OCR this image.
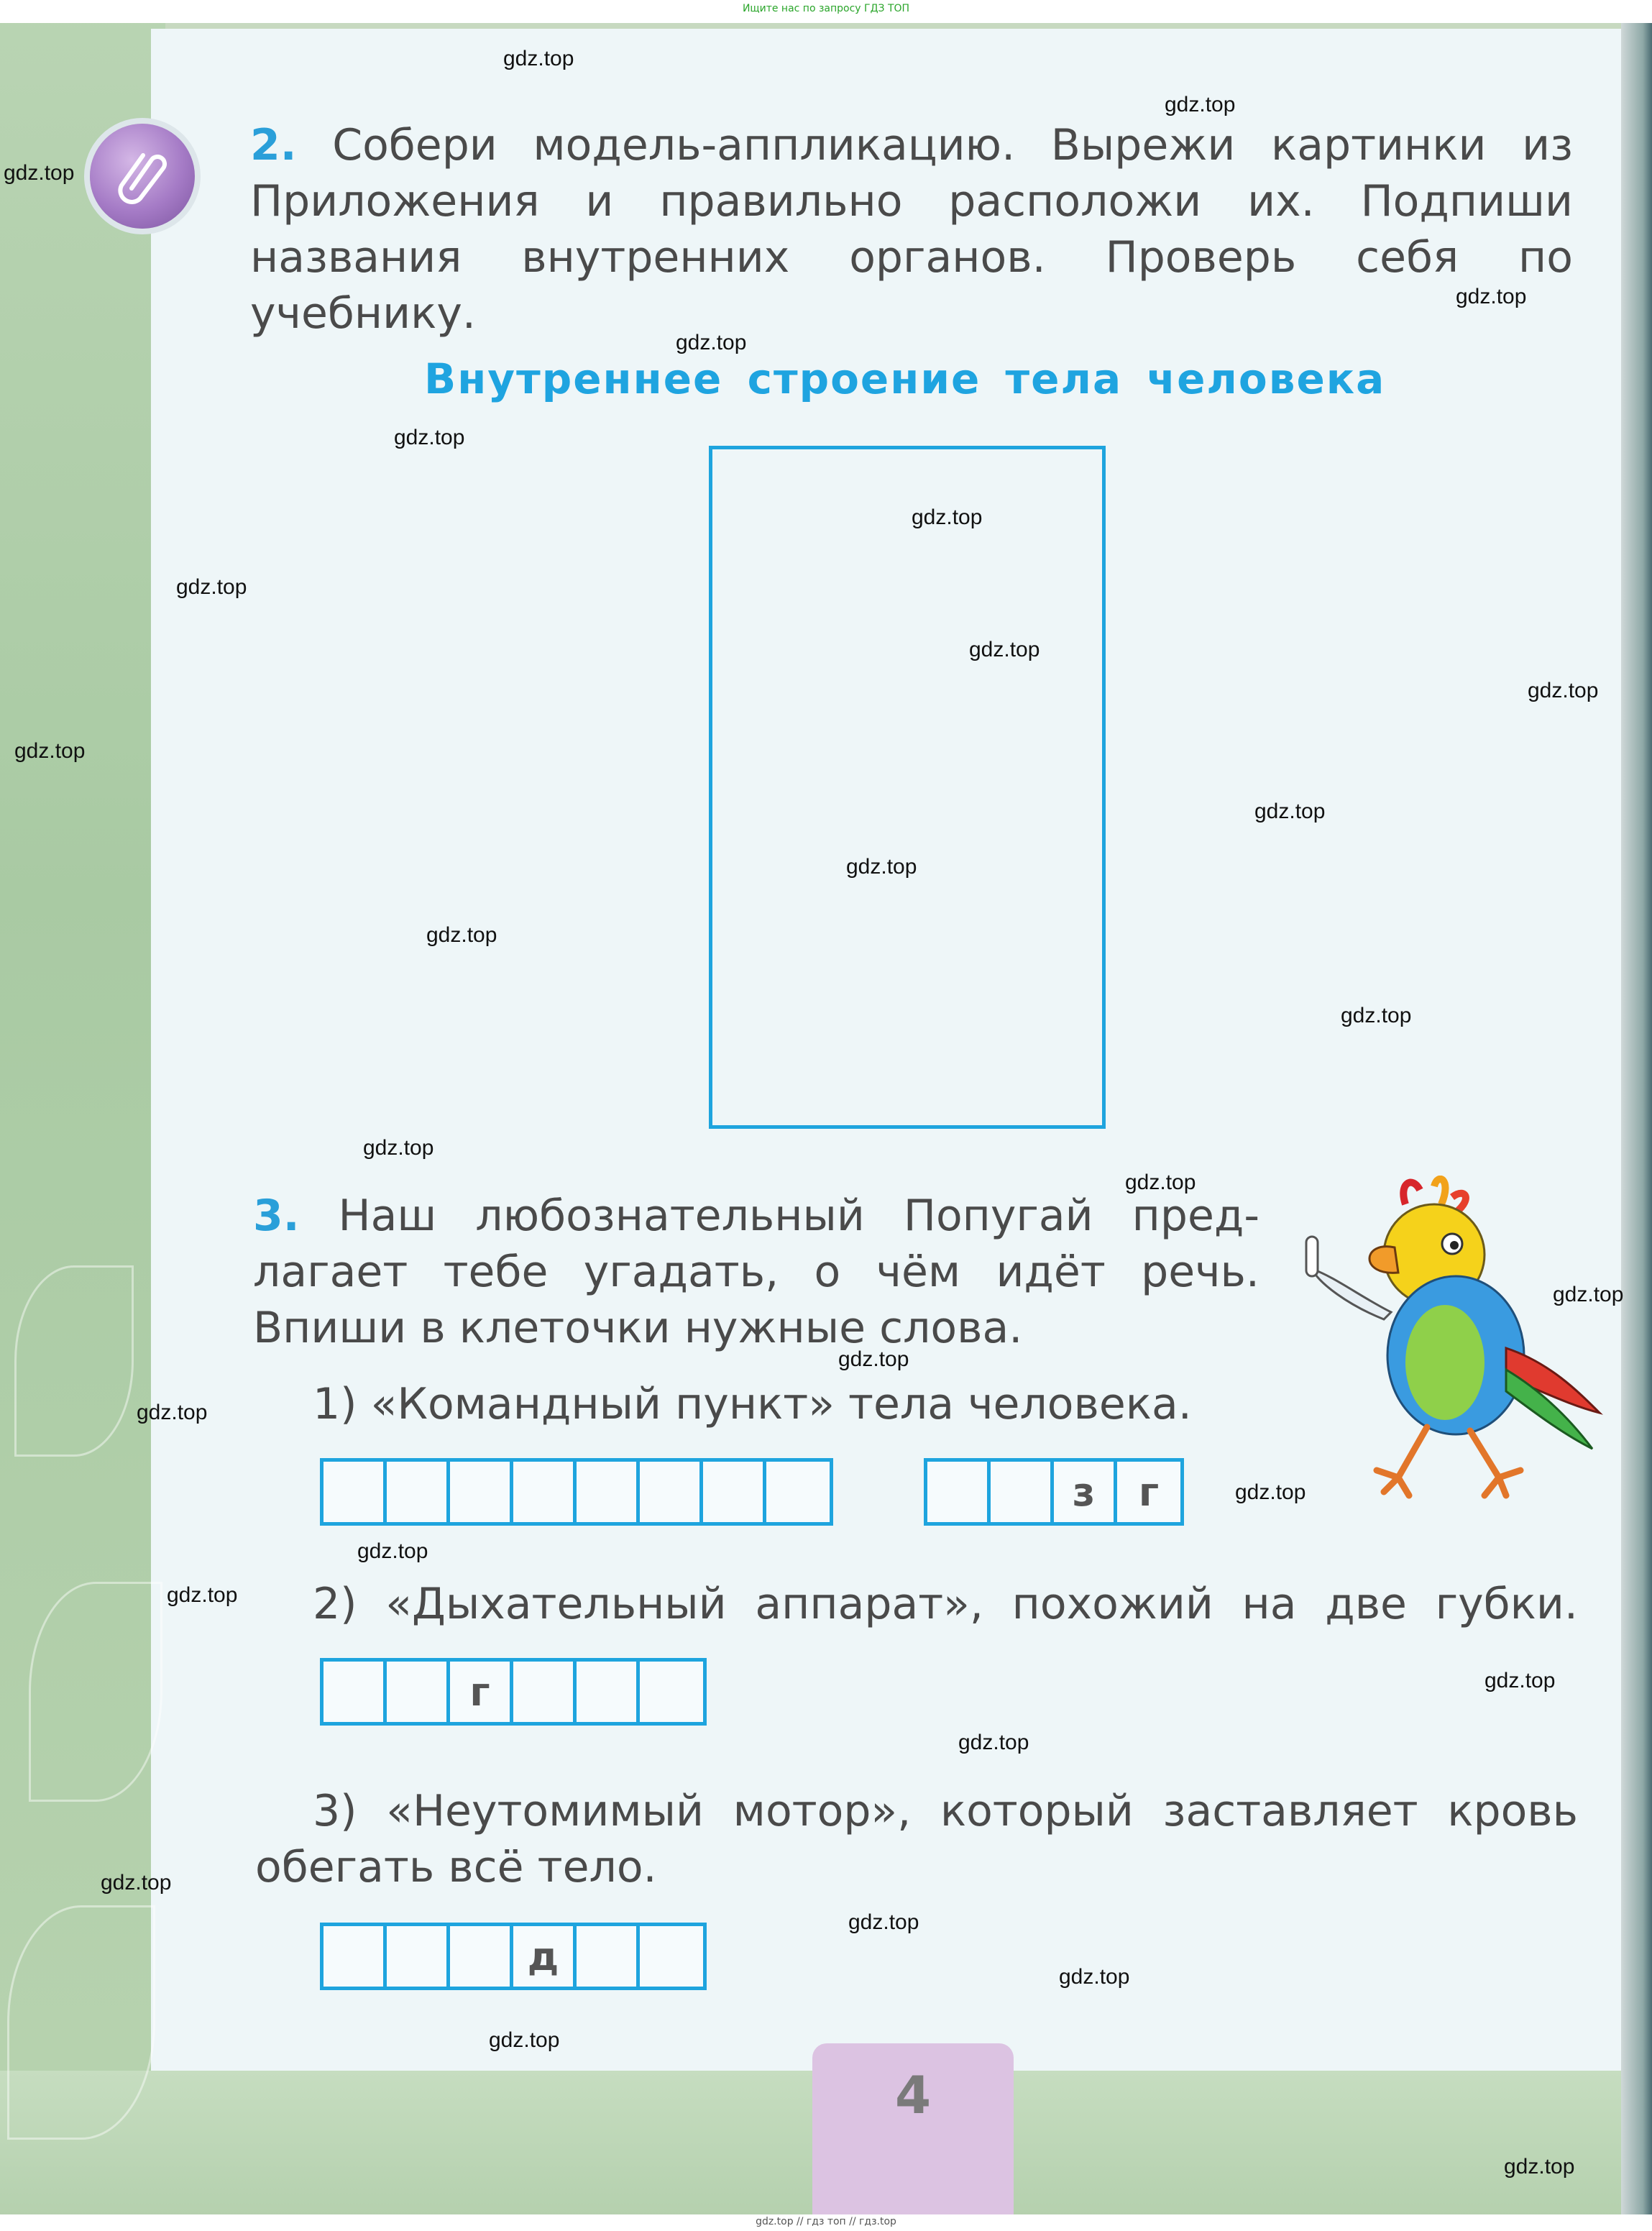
Ищите нас по запросу ГДЗ ТОП
2. Собери модель-аппликацию. Вырежи картинки из
Приложения и правильно расположи их. Подпиши
названия внутренних органов. Проверь себя по
учебнику.
Внутреннее строение тела человека
3. Наш любознательный Попугай пред-
лагает тебе угадать, о чём идёт речь.
Впиши в клеточки нужные слова.
1) «Командный пункт» тела человека.
з	г
2) «Дыхательный аппарат», похожий на две губки.
г
3) «Неутомимый мотор», который заставляет кровь
обегать всё тело.
д
4
gdz.top // гдз топ // гдз.top
gdz.top
gdz.top
gdz.top
gdz.top
gdz.top
gdz.top
gdz.top
gdz.top
gdz.top
gdz.top
gdz.top
gdz.top
gdz.top
gdz.top
gdz.top
gdz.top
gdz.top
gdz.top
gdz.top
gdz.top
gdz.top
gdz.top
gdz.top
gdz.top
gdz.top
gdz.top
gdz.top
gdz.top
gdz.top
gdz.top
